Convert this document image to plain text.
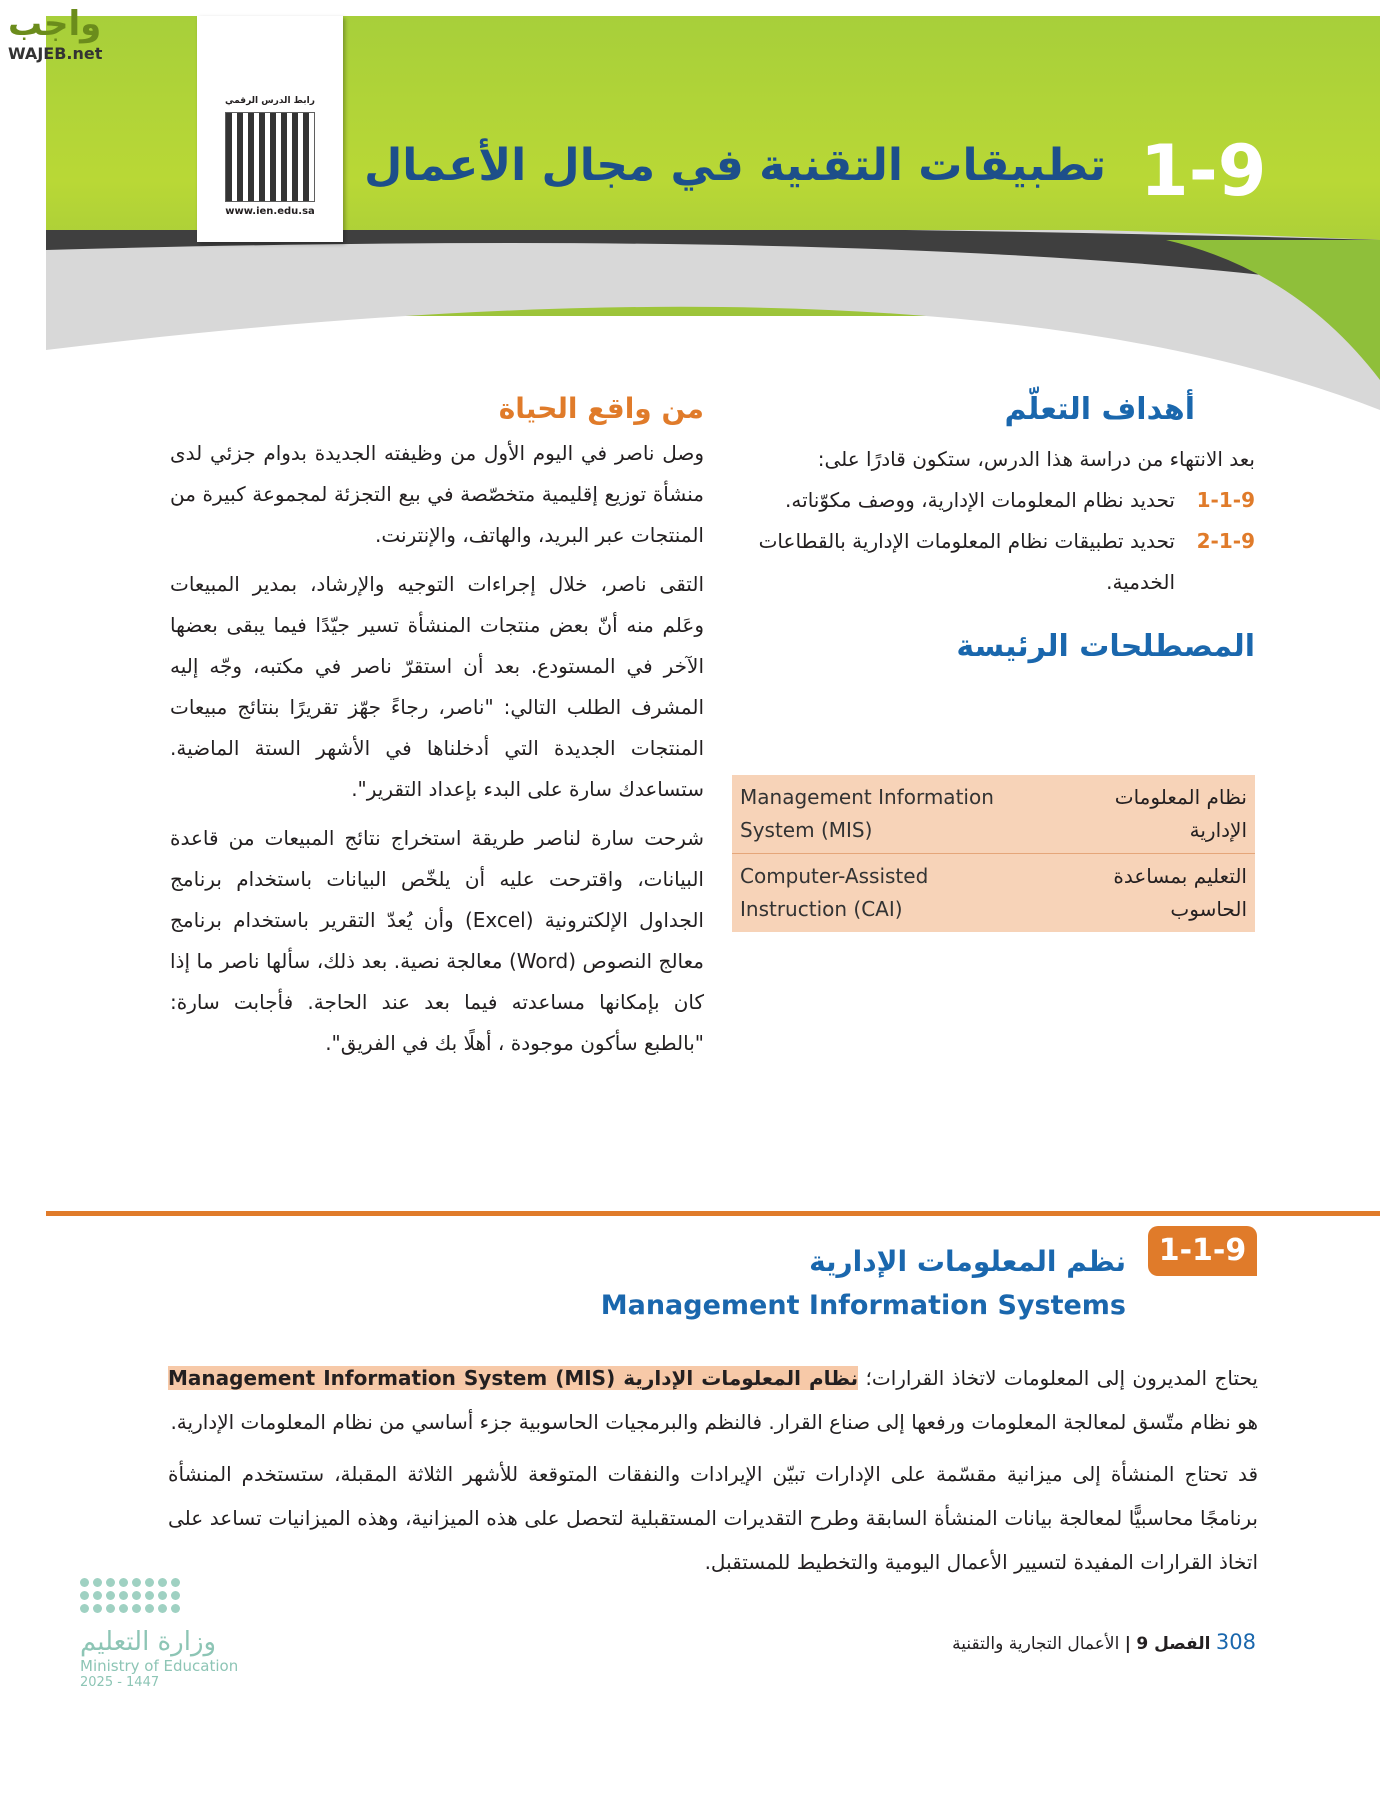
واجب
WAJEB.net
رابط الدرس الرقمي
www.ien.edu.sa	1-9
تطبيقات التقنية في مجال الأعمال
أهداف التعلّم
بعد الانتهاء من دراسة هذا الدرس، ستكون قادرًا على:
1-1-9
تحديد نظام المعلومات الإدارية، ووصف مكوّناته.
2-1-9
تحديد تطبيقات نظام المعلومات الإدارية بالقطاعات الخدمية.
المصطلحات الرئيسة
Management Information System (MIS)
نظام المعلومات الإدارية
Computer-Assisted Instruction (CAI)
التعليم بمساعدة الحاسوب
من واقع الحياة

وصل ناصر في اليوم الأول من وظيفته الجديدة بدوام جزئي لدى منشأة توزيع إقليمية متخصّصة في بيع التجزئة لمجموعة كبيرة من المنتجات عبر البريد، والهاتف، والإنترنت.

التقى ناصر، خلال إجراءات التوجيه والإرشاد، بمدير المبيعات وعَلم منه أنّ بعض منتجات المنشأة تسير جيّدًا فيما يبقى بعضها الآخر في المستودع. بعد أن استقرّ ناصر في مكتبه، وجّه إليه المشرف الطلب التالي: "ناصر، رجاءً جهّز تقريرًا بنتائج مبيعات المنتجات الجديدة التي أدخلناها في الأشهر الستة الماضية. ستساعدك سارة على البدء بإعداد التقرير".

شرحت سارة لناصر طريقة استخراج نتائج المبيعات من قاعدة البيانات، واقترحت عليه أن يلخّص البيانات باستخدام برنامج الجداول الإلكترونية (Excel) وأن يُعدّ التقرير باستخدام برنامج معالج النصوص (Word) معالجة نصية. بعد ذلك، سألها ناصر ما إذا كان بإمكانها مساعدته فيما بعد عند الحاجة. فأجابت سارة: "بالطبع سأكون موجودة ، أهلًا بك في الفريق".

1-1-9
نظم المعلومات الإدارية
Management Information Systems

يحتاج المديرون إلى المعلومات لاتخاذ القرارات؛ نظام المعلومات الإدارية Management Information System (MIS) هو نظام متّسق لمعالجة المعلومات ورفعها إلى صناع القرار. فالنظم والبرمجيات الحاسوبية جزء أساسي من نظام المعلومات الإدارية.

قد تحتاج المنشأة إلى ميزانية مقسّمة على الإدارات تبيّن الإيرادات والنفقات المتوقعة للأشهر الثلاثة المقبلة، ستستخدم المنشأة برنامجًا محاسبيًّا لمعالجة بيانات المنشأة السابقة وطرح التقديرات المستقبلية لتحصل على هذه الميزانية، وهذه الميزانيات تساعد على اتخاذ القرارات المفيدة لتسيير الأعمال اليومية والتخطيط للمستقبل.

308 الفصل 9 | الأعمال التجارية والتقنية
وزارة التعليم
Ministry of Education
2025 - 1447
